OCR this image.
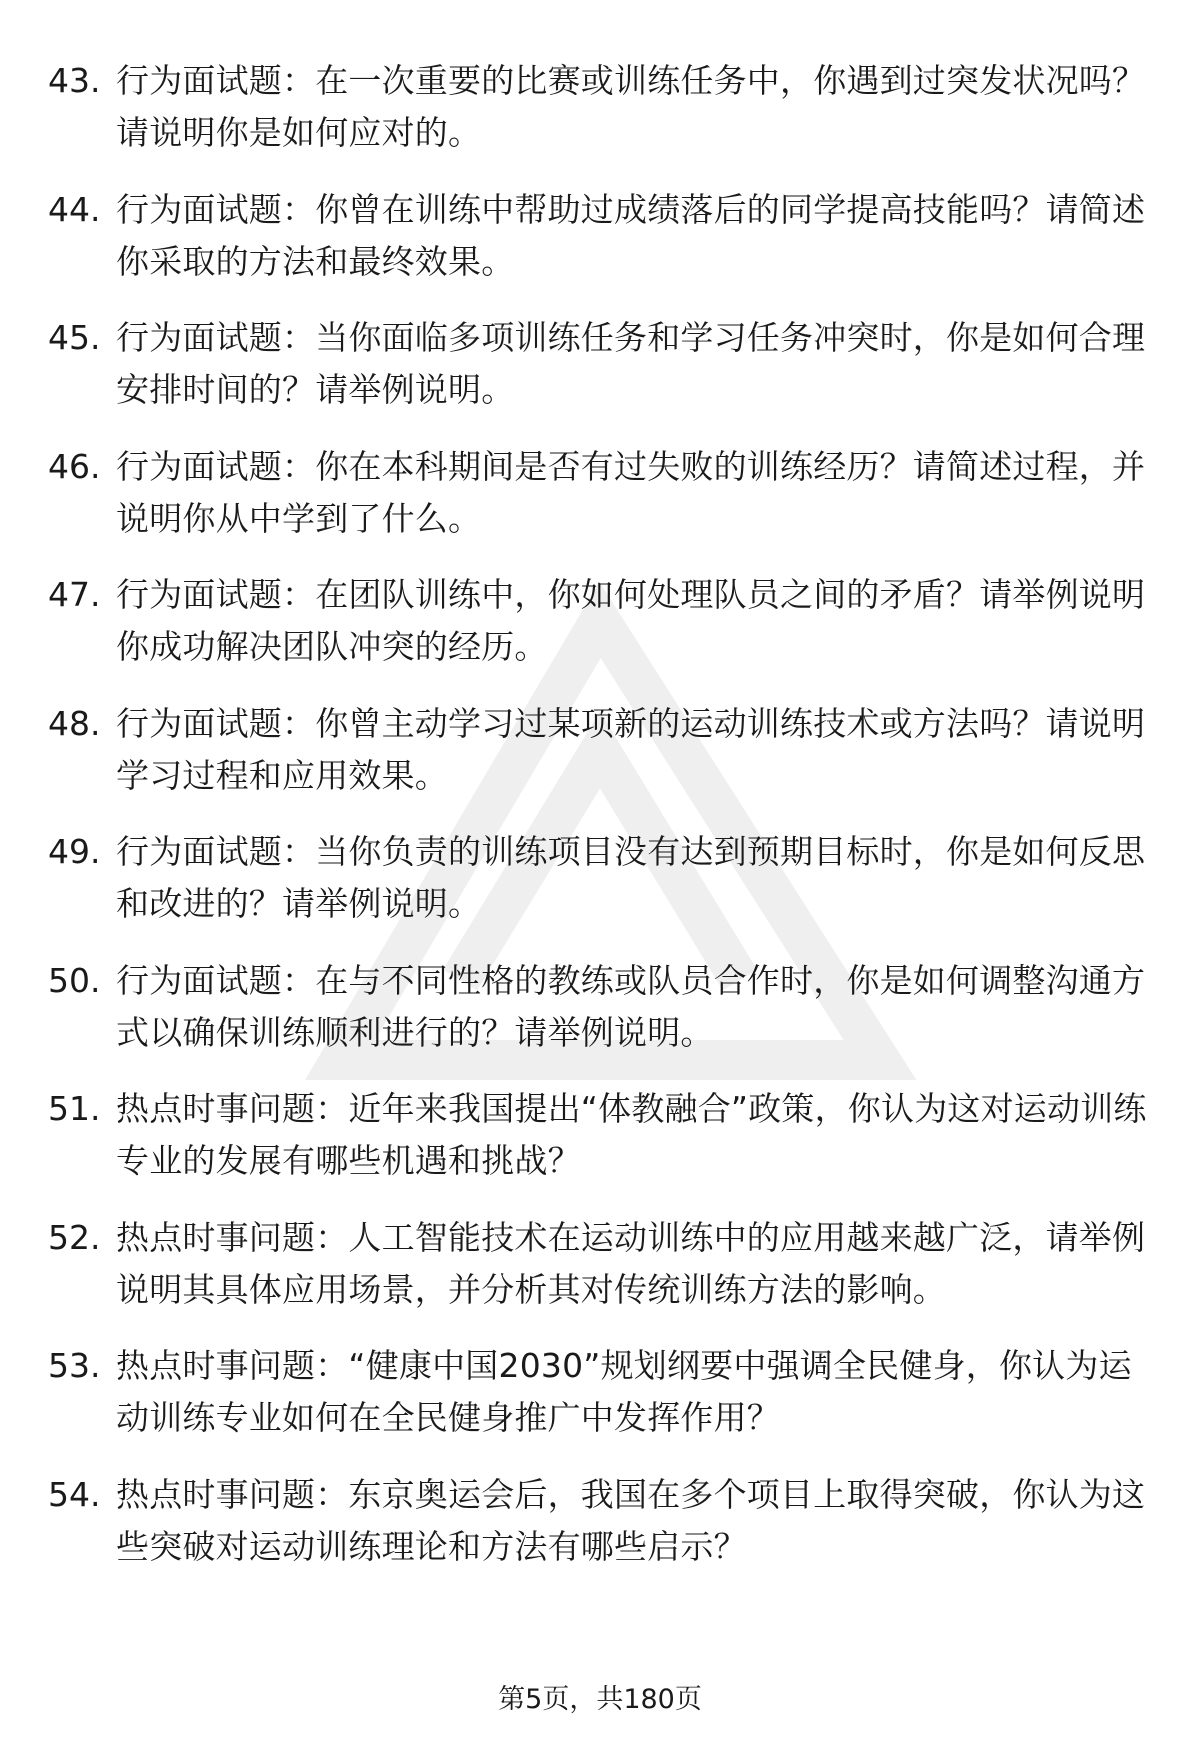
43. 行为面试题：在一次重要的比赛或训练任务中，你遇到过突发状况吗？请说明你是如何应对的。
44. 行为面试题：你曾在训练中帮助过成绩落后的同学提高技能吗？请简述你采取的方法和最终效果。
45. 行为面试题：当你面临多项训练任务和学习任务冲突时，你是如何合理安排时间的？请举例说明。
46. 行为面试题：你在本科期间是否有过失败的训练经历？请简述过程，并说明你从中学到了什么。
47. 行为面试题：在团队训练中，你如何处理队员之间的矛盾？请举例说明你成功解决团队冲突的经历。
48. 行为面试题：你曾主动学习过某项新的运动训练技术或方法吗？请说明学习过程和应用效果。
49. 行为面试题：当你负责的训练项目没有达到预期目标时，你是如何反思和改进的？请举例说明。
50. 行为面试题：在与不同性格的教练或队员合作时，你是如何调整沟通方式以确保训练顺利进行的？请举例说明。
51. 热点时事问题：近年来我国提出“体教融合”政策，你认为这对运动训练专业的发展有哪些机遇和挑战？
52. 热点时事问题：人工智能技术在运动训练中的应用越来越广泛，请举例说明其具体应用场景，并分析其对传统训练方法的影响。
53. 热点时事问题：“健康中国2030”规划纲要中强调全民健身，你认为运动训练专业如何在全民健身推广中发挥作用？
54. 热点时事问题：东京奥运会后，我国在多个项目上取得突破，你认为这些突破对运动训练理论和方法有哪些启示？
第5页，共180页
